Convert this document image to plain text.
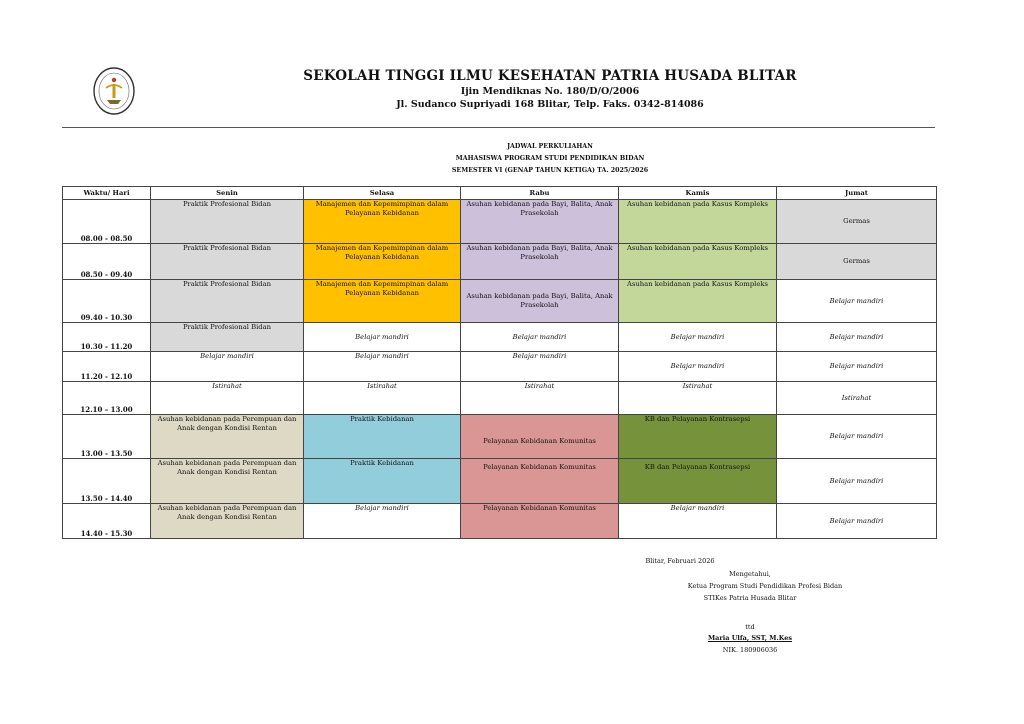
SEKOLAH TINGGI ILMU KESEHATAN PATRIA HUSADA BLITAR
Ijin Mendiknas No. 180/D/O/2006
Jl. Sudanco Supriyadi 168 Blitar, Telp. Faks. 0342-814086
JADWAL PERKULIAHAN
MAHASISWA PROGRAM STUDI PENDIDIKAN BIDAN
SEMESTER VI (GENAP TAHUN KETIGA) TA. 2025/2026
Waktu/ Hari	Senin	Selasa	Rabu	Kamis	Jumat
08.00 - 08.50	Praktik Profesional Bidan	Manajemen dan Kepemimpinan dalam Pelayanan Kebidanan	Asuhan kebidanan pada Bayi, Balita, Anak Prasekolah	Asuhan kebidanan pada Kasus Kompleks	Germas
08.50 - 09.40	Praktik Profesional Bidan	Manajemen dan Kepemimpinan dalam Pelayanan Kebidanan	Asuhan kebidanan pada Bayi, Balita, Anak Prasekolah	Asuhan kebidanan pada Kasus Kompleks	Germas
09.40 - 10.30	Praktik Profesional Bidan	Manajemen dan Kepemimpinan dalam Pelayanan Kebidanan	Asuhan kebidanan pada Bayi, Balita, Anak Prasekolah	Asuhan kebidanan pada Kasus Kompleks	Belajar mandiri
10.30 - 11.20	Praktik Profesional Bidan	Belajar mandiri	Belajar mandiri	Belajar mandiri	Belajar mandiri
11.20 - 12.10	Belajar mandiri	Belajar mandiri	Belajar mandiri	Belajar mandiri	Belajar mandiri
12.10 – 13.00	Istirahat	Istirahat	Istirahat	Istirahat	Istirahat
13.00 - 13.50	Asuhan kebidanan pada Perempuan dan Anak dengan Kondisi Rentan	Praktik Kebidanan	Pelayanan Kebidanan Komunitas	KB dan Pelayanan Kontrasepsi	Belajar mandiri
13.50 - 14.40	Asuhan kebidanan pada Perempuan dan Anak dengan Kondisi Rentan	Praktik Kebidanan	Pelayanan Kebidanan Komunitas	KB dan Pelayanan Kontrasepsi	Belajar mandiri
14.40 - 15.30	Asuhan kebidanan pada Perempuan dan Anak dengan Kondisi Rentan	Belajar mandiri	Pelayanan Kebidanan Komunitas	Belajar mandiri	Belajar mandiri
Blitar, Februari 2026
Mengetahui,
Ketua Program Studi Pendidikan Profesi Bidan
STIKes Patria Husada Blitar
ttd
Maria Ulfa, SST, M.Kes
NIK. 180906036
